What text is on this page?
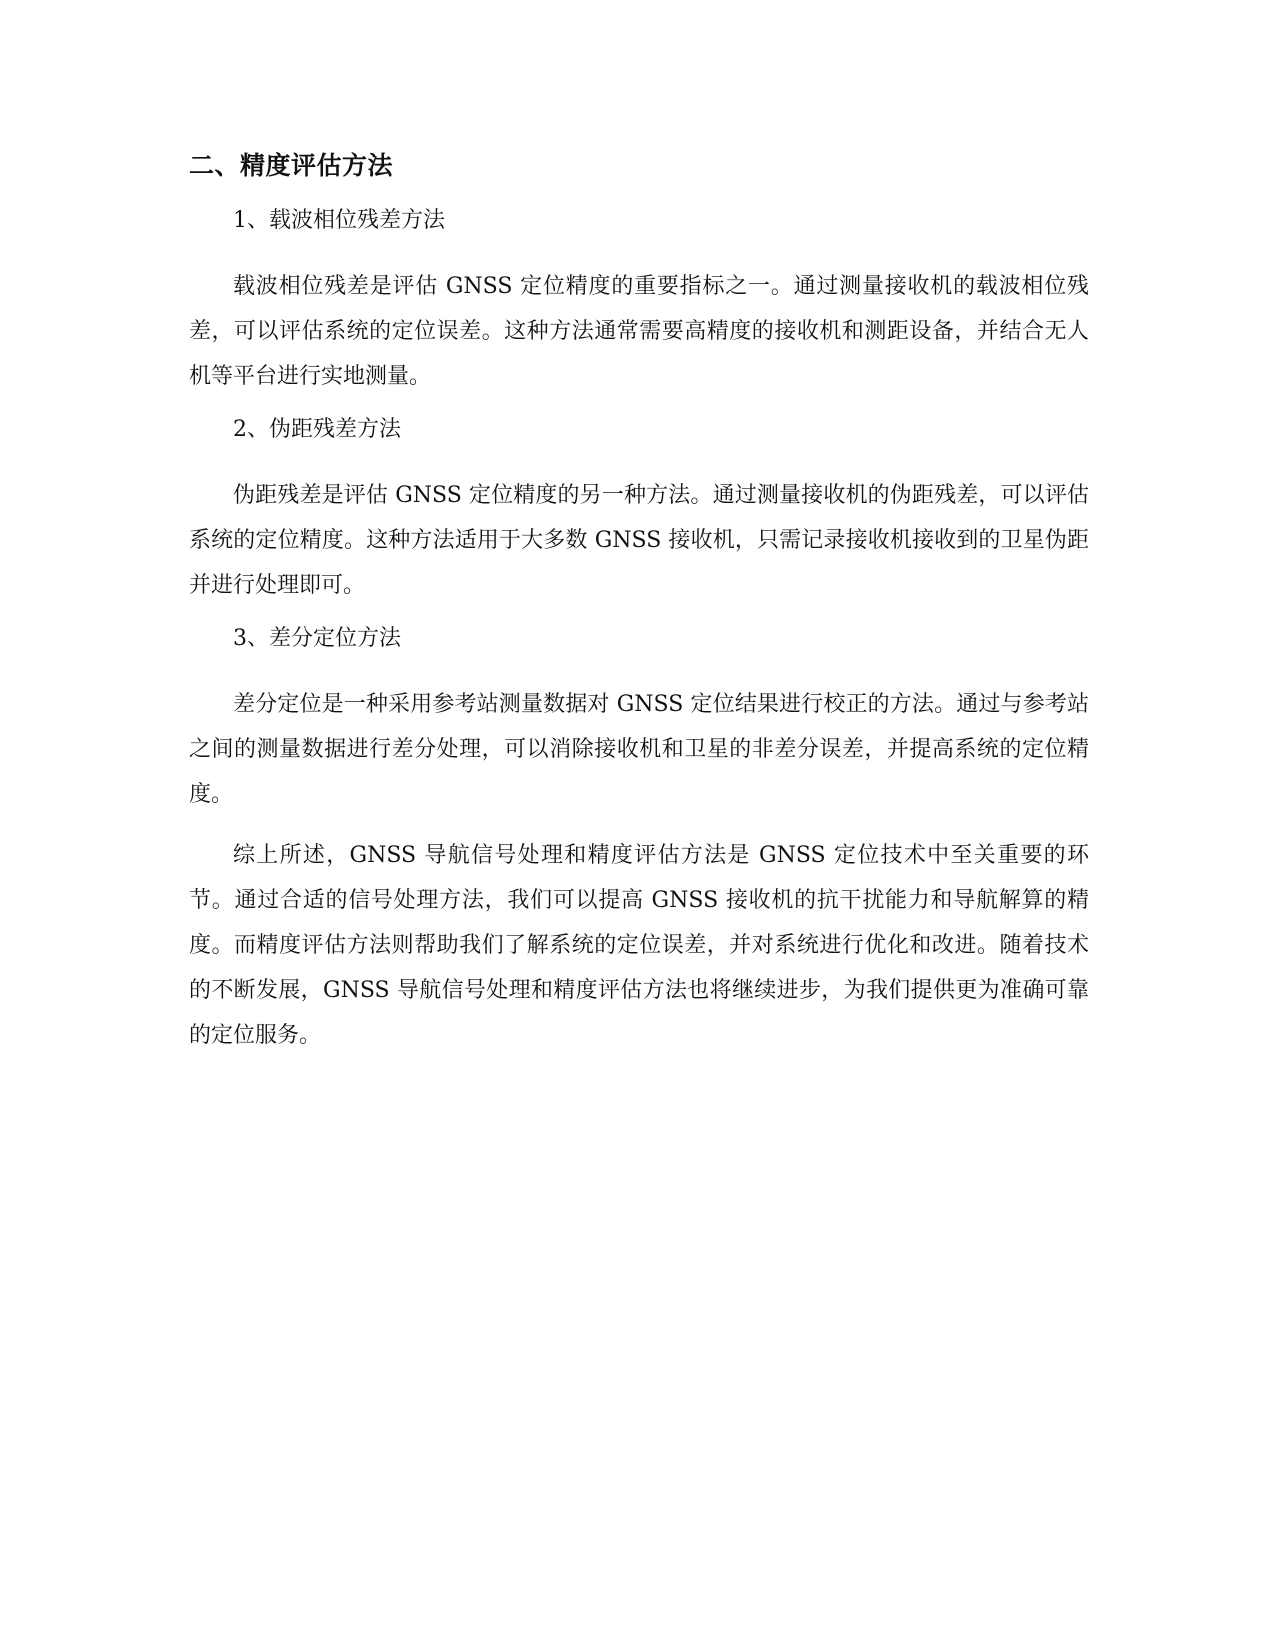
二、精度评估方法

1、载波相位残差方法

载波相位残差是评估 GNSS 定位精度的重要指标之一。通过测量接收机的载波相位残差，可以评估系统的定位误差。这种方法通常需要高精度的接收机和测距设备，并结合无人机等平台进行实地测量。

2、伪距残差方法

伪距残差是评估 GNSS 定位精度的另一种方法。通过测量接收机的伪距残差，可以评估系统的定位精度。这种方法适用于大多数 GNSS 接收机，只需记录接收机接收到的卫星伪距并进行处理即可。

3、差分定位方法

差分定位是一种采用参考站测量数据对 GNSS 定位结果进行校正的方法。通过与参考站之间的测量数据进行差分处理，可以消除接收机和卫星的非差分误差，并提高系统的定位精度。

综上所述，GNSS 导航信号处理和精度评估方法是 GNSS 定位技术中至关重要的环节。通过合适的信号处理方法，我们可以提高 GNSS 接收机的抗干扰能力和导航解算的精度。而精度评估方法则帮助我们了解系统的定位误差，并对系统进行优化和改进。随着技术的不断发展，GNSS 导航信号处理和精度评估方法也将继续进步，为我们提供更为准确可靠的定位服务。
